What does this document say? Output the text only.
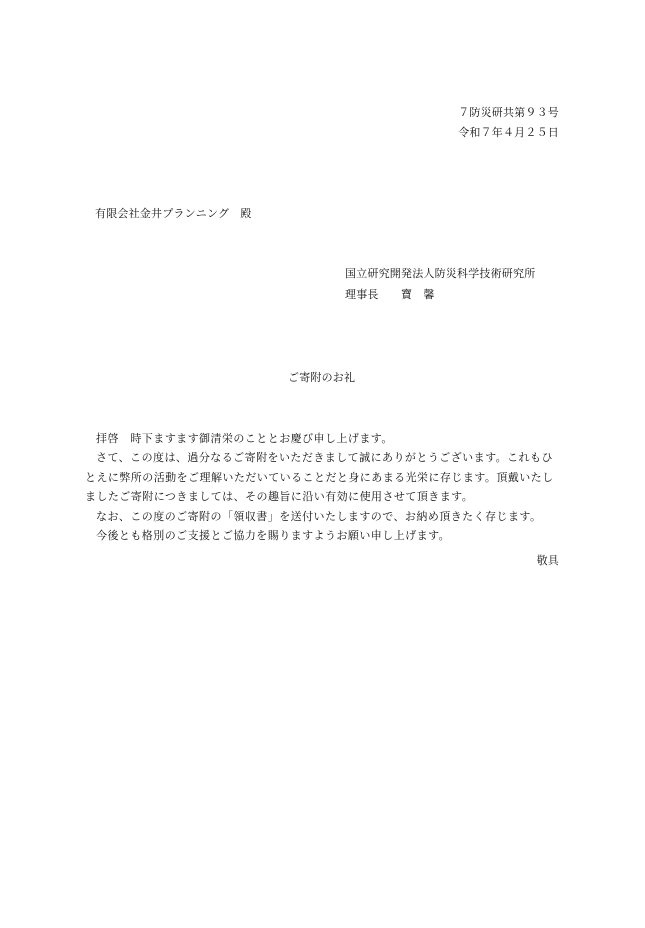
７防災研共第９３号
令和７年４月２５日
有限会社金井プランニング　殿
国立研究開発法人防災科学技術研究所
理事長 寶　馨
ご寄附のお礼

拝啓　時下ますます御清栄のこととお慶び申し上げます。

さて、この度は、過分なるご寄附をいただきまして誠にありがとうございます。これもひとえに弊所の活動をご理解いただいていることだと身にあまる光栄に存じます。頂戴いたしましたご寄附につきましては、その趣旨に沿い有効に使用させて頂きます。

なお、この度のご寄附の「領収書」を送付いたしますので、お納め頂きたく存じます。

今後とも格別のご支援とご協力を賜りますようお願い申し上げます。

敬具
